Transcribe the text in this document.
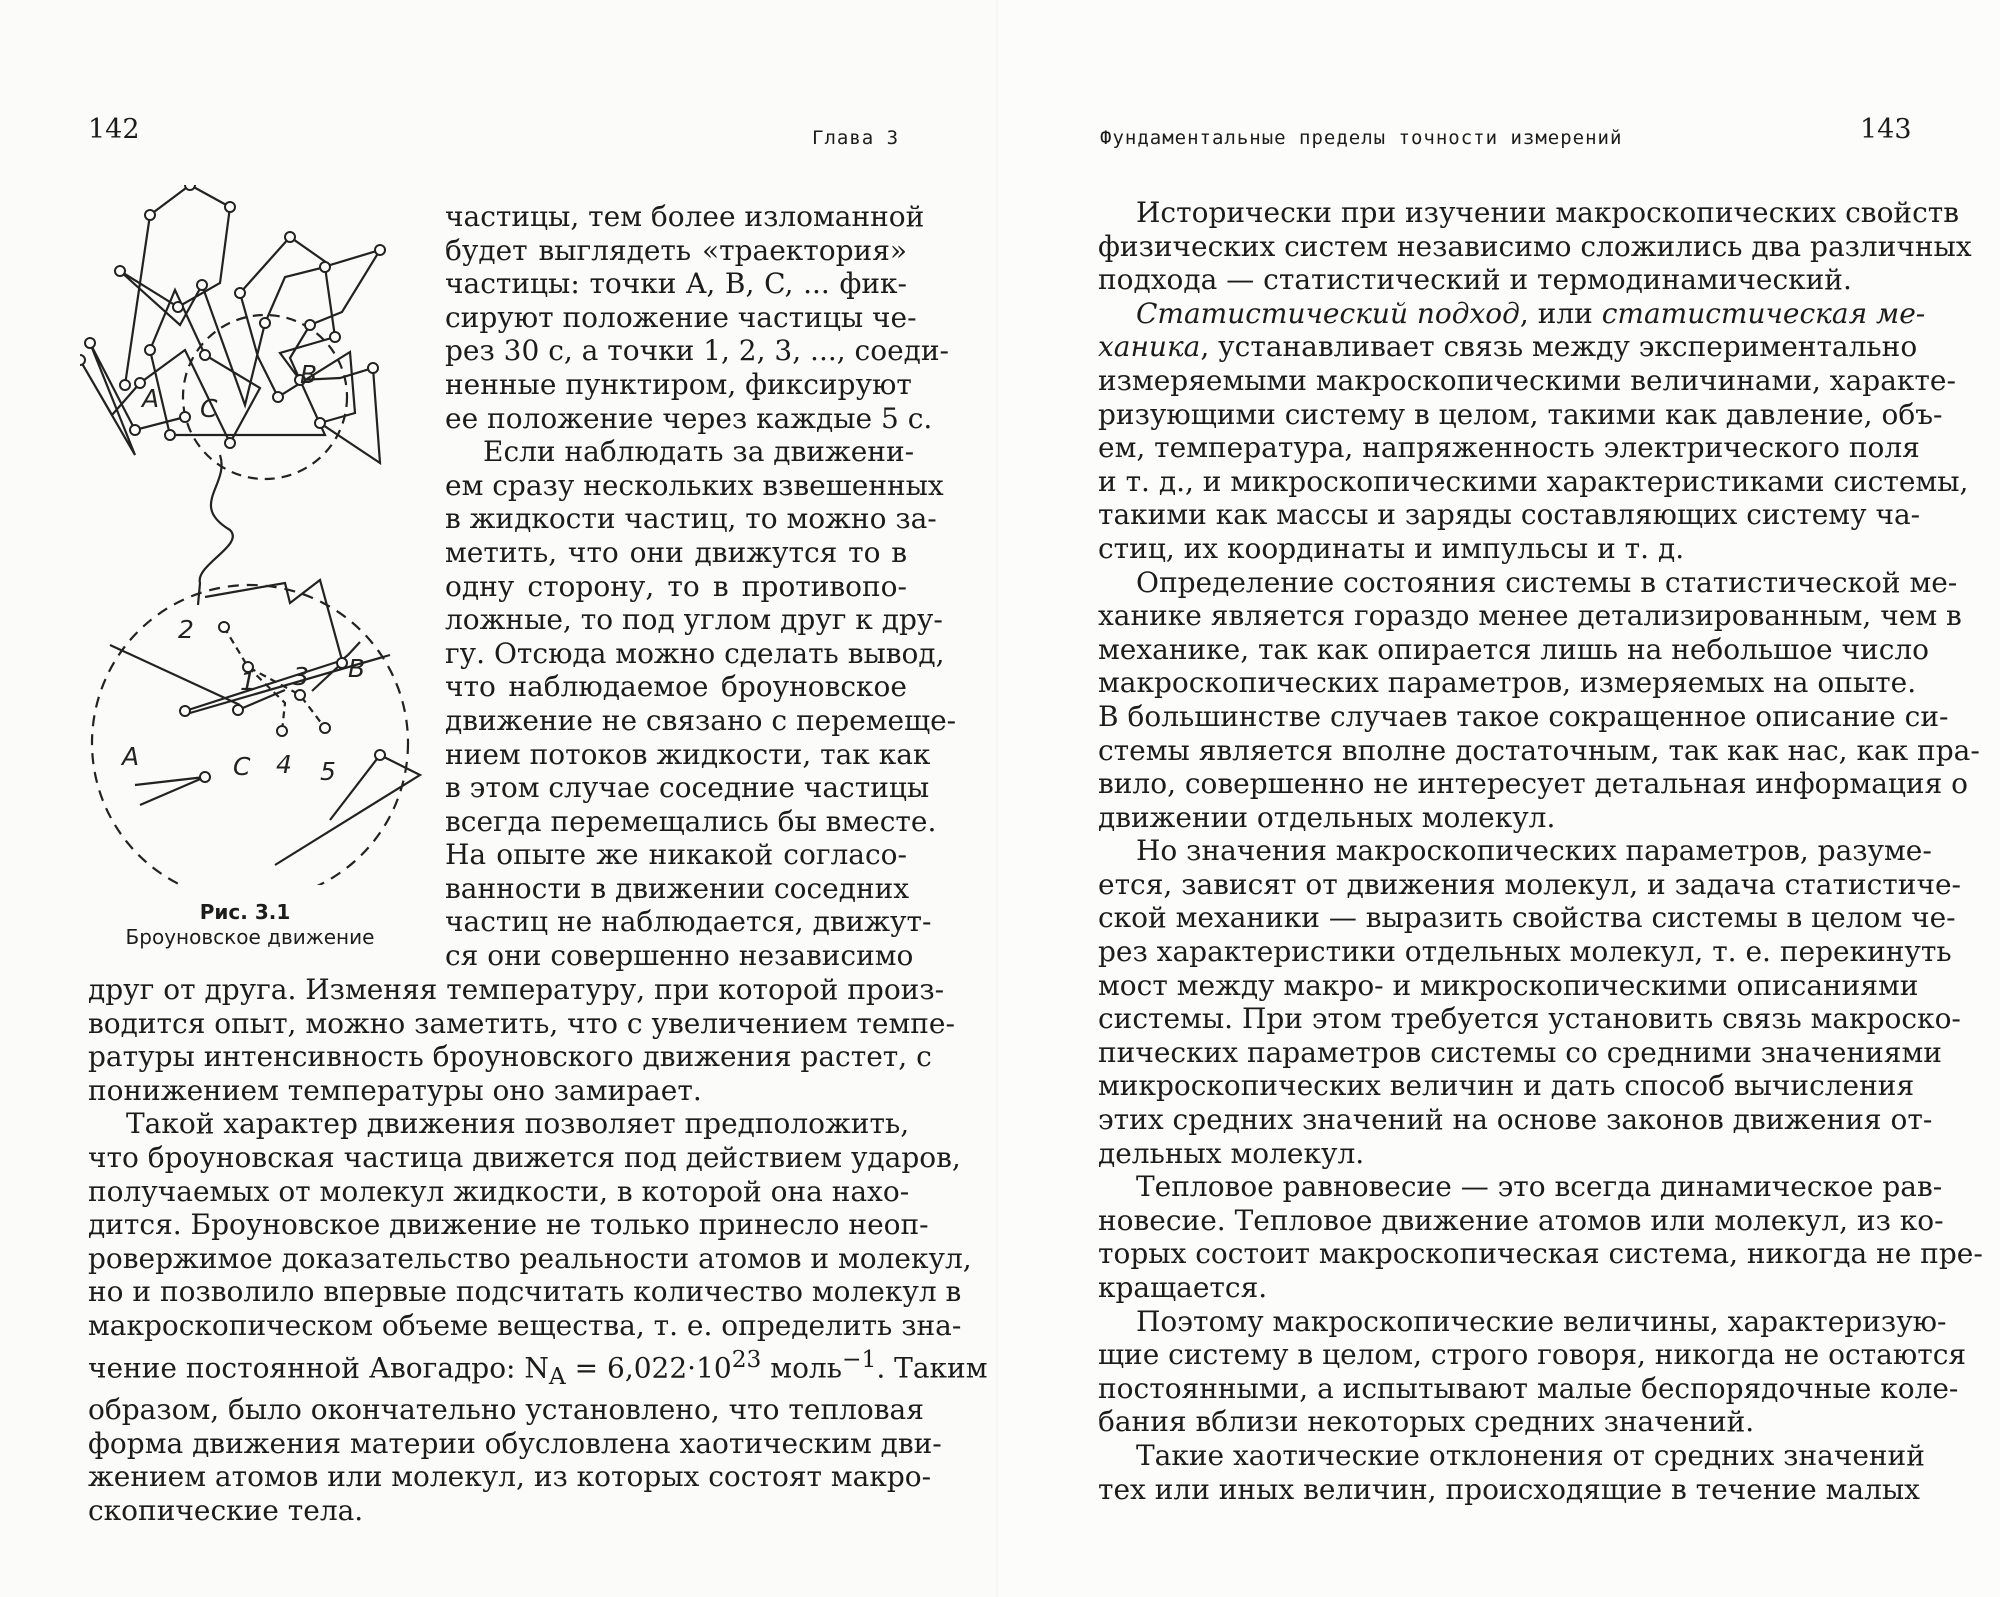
142	Глава 3
A C
B
2
1 3 B
A	C 4 5
Рис. 3.1
Броуновское движение
частицы, тем более изломанной
будет выглядеть «траектория»
частицы: точки A, B, C, ... фик-
сируют положение частицы че-
рез 30 с, а точки 1, 2, 3, ..., соеди-
ненные пунктиром, фиксируют
ее положение через каждые 5 с.
Если наблюдать за движени-
ем сразу нескольких взвешенных
в жидкости частиц, то можно за-
метить, что они движутся то в
одну сторону, то в противопо-
ложные, то под углом друг к дру-
гу. Отсюда можно сделать вывод,
что наблюдаемое броуновское
движение не связано с перемеще-
нием потоков жидкости, так как
в этом случае соседние частицы
всегда перемещались бы вместе.
На опыте же никакой согласо-
ванности в движении соседних
частиц не наблюдается, движут-
ся они совершенно независимо
друг от друга. Изменяя температуру, при которой произ-
водится опыт, можно заметить, что с увеличением темпе-
ратуры интенсивность броуновского движения растет, с
понижением температуры оно замирает.
Такой характер движения позволяет предположить,
что броуновская частица движется под действием ударов,
получаемых от молекул жидкости, в которой она нахо-
дится. Броуновское движение не только принесло неоп-
ровержимое доказательство реальности атомов и молекул,
но и позволило впервые подсчитать количество молекул в
макроскопическом объеме вещества, т. е. определить зна-
чение постоянной Авогадро: $N_A = 6,022\cdot 10^{23}$ моль$^{-1}$. Таким
образом, было окончательно установлено, что тепловая
форма движения материи обусловлена хаотическим дви-
жением атомов или молекул, из которых состоят макро-
скопические тела.
Фундаментальные пределы точности измерений	143
Исторически при изучении макроскопических свойств
физических систем независимо сложились два различных
подхода — статистический и термодинамический.
Статистический подход, или статистическая ме-
ханика, устанавливает связь между экспериментально
измеряемыми макроскопическими величинами, характе-
ризующими систему в целом, такими как давление, объ-
ем, температура, напряженность электрического поля
и т. д., и микроскопическими характеристиками системы,
такими как массы и заряды составляющих систему ча-
стиц, их координаты и импульсы и т. д.
Определение состояния системы в статистической ме-
ханике является гораздо менее детализированным, чем в
механике, так как опирается лишь на небольшое число
макроскопических параметров, измеряемых на опыте.
В большинстве случаев такое сокращенное описание си-
стемы является вполне достаточным, так как нас, как пра-
вило, совершенно не интересует детальная информация о
движении отдельных молекул.
Но значения макроскопических параметров, разуме-
ется, зависят от движения молекул, и задача статистиче-
ской механики — выразить свойства системы в целом че-
рез характеристики отдельных молекул, т. е. перекинуть
мост между макро- и микроскопическими описаниями
системы. При этом требуется установить связь макроско-
пических параметров системы со средними значениями
микроскопических величин и дать способ вычисления
этих средних значений на основе законов движения от-
дельных молекул.
Тепловое равновесие — это всегда динамическое рав-
новесие. Тепловое движение атомов или молекул, из ко-
торых состоит макроскопическая система, никогда не пре-
кращается.
Поэтому макроскопические величины, характеризую-
щие систему в целом, строго говоря, никогда не остаются
постоянными, а испытывают малые беспорядочные коле-
бания вблизи некоторых средних значений.
Такие хаотические отклонения от средних значений
тех или иных величин, происходящие в течение малых
